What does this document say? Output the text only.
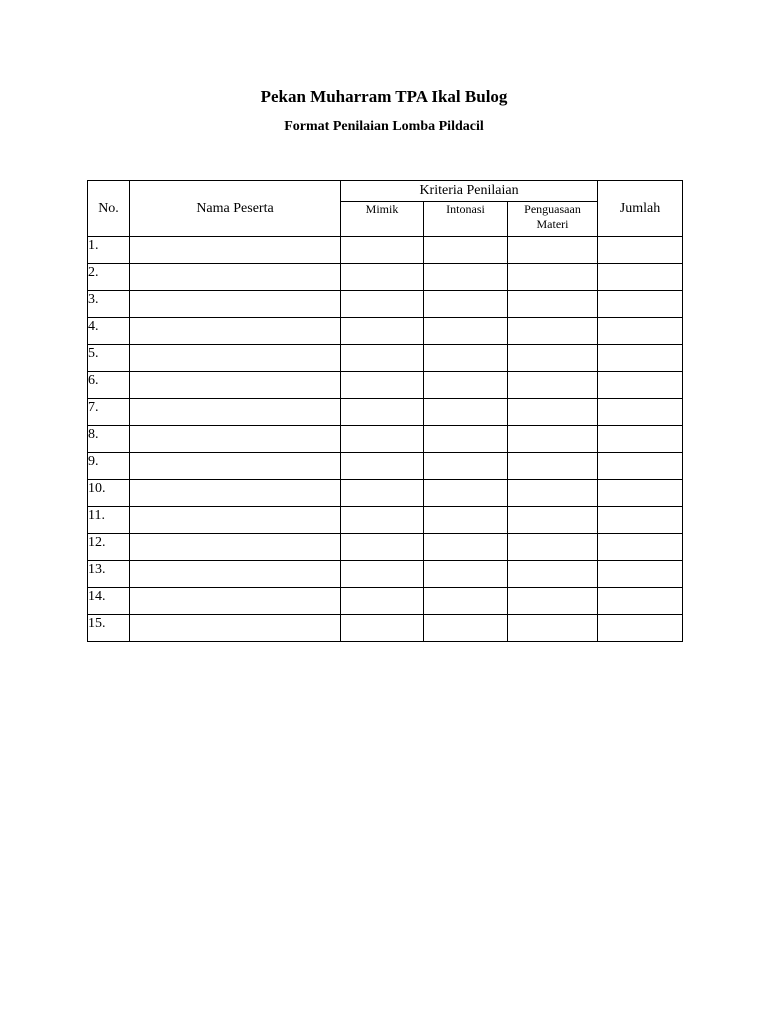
Pekan Muharram TPA Ikal Bulog
Format Penilaian Lomba Pildacil
No.	Nama Peserta	Kriteria Penilaian			Jumlah
		Mimik	Intonasi	Penguasaan Materi	
1.					
2.					
3.					
4.					
5.					
6.					
7.					
8.					
9.					
10.					
11.					
12.					
13.					
14.					
15.					
